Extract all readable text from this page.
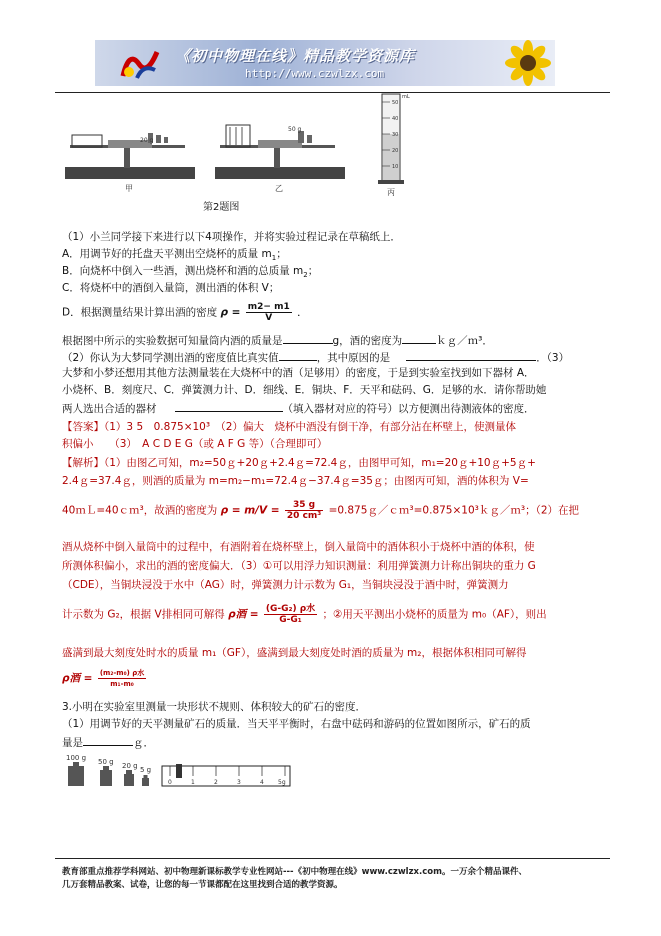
《初中物理在线》精品教学资源库
http://www.czwlzx.com
甲	乙
20 g
50 g
mL
50
40
30
20
10
丙
第2题图
（1）小兰同学接下来进行以下4项操作，并将实验过程记录在草稿纸上．
A．用调节好的托盘天平测出空烧杯的质量 $m_1$；
B．向烧杯中倒入一些酒，测出烧杯和酒的总质量 $m_2$；
C．将烧杯中的酒倒入量筒，测出酒的体积 V；
D．根据测量结果计算出酒的密度 $\rho = \frac{m2- m1}{V}$ ．
根据图中所示的实验数据可知量筒内酒的质量是	g，酒的密度为	ｋｇ／ｍ³．
（2）你认为大梦同学测出酒的密度值比真实值	，其中原因的是	．（3）
大梦和小梦还想用其他方法测量装在大烧杯中的酒（足够用）的密度，于是到实验室找到如下器材 A．
小烧杯、B．刻度尺、C．弹簧测力计、D．细线、E．铜块、F．天平和砝码、G．足够的水．请你帮助她
两人选出合适的器材	（填入器材对应的符号）以方便测出待测液体的密度．
【答案】（1）3 5　0.875×10³　（2）偏大　烧杯中酒没有倒干净，有部分沾在杯壁上，使测量体
积偏小　　（3）　A C D E G（或 A F G 等）（合理即可）
【解析】（1）由图乙可知，m₂=50ｇ+20ｇ+2.4ｇ=72.4ｇ，由图甲可知，m₁=20ｇ+10ｇ+5ｇ+
2.4ｇ=37.4ｇ，则酒的质量为 m=m₂−m₁=72.4ｇ−37.4ｇ=35ｇ；由图丙可知，酒的体积为 V=
40ｍＬ=40ｃｍ³，故酒的密度为 $\rho = m/V = \frac{35 g}{\text{20 cm³}}$ =0.875ｇ／ｃｍ³=0.875×10³ｋｇ／ｍ³；（2）在把
酒从烧杯中倒入量筒中的过程中，有酒附着在烧杯壁上，倒入量筒中的酒体积小于烧杯中酒的体积，使
所测体积偏小，求出的酒的密度偏大．（3）①可以用浮力知识测量：利用弹簧测力计称出铜块的重力 G
（CDE），当铜块浸没于水中（AG）时，弹簧测力计示数为 G₁，当铜块浸没于酒中时，弹簧测力
计示数为 G₂，根据 V排相同可解得 ρ酒 = $\frac{\text{(G-G₂) ρ水}}{\text{G-G₁}}$ ；②用天平测出小烧杯的质量为 m₀（AF），则出
盛满到最大刻度处时水的质量 m₁（GF），盛满到最大刻度处时酒的质量为 m₂，根据体积相同可解得
ρ酒 = $\frac{\text{(m₂-m₀) ρ水}}{\text{m₁-m₀}}$
3.小明在实验室里测量一块形状不规则、体积较大的矿石的密度．
（1）用调节好的天平测量矿石的质量．当天平平衡时，右盘中砝码和游码的位置如图所示，矿石的质
量是	ｇ．
100 g 50 g 20 g 5 g
0	1	2	3	4 5g
教育部重点推荐学科网站、初中物理新课标教学专业性网站---《初中物理在线》www.czwlzx.com。一万余个精品课件、
几万套精品教案、试卷，让您的每一节课都配在这里找到合适的教学资源。
